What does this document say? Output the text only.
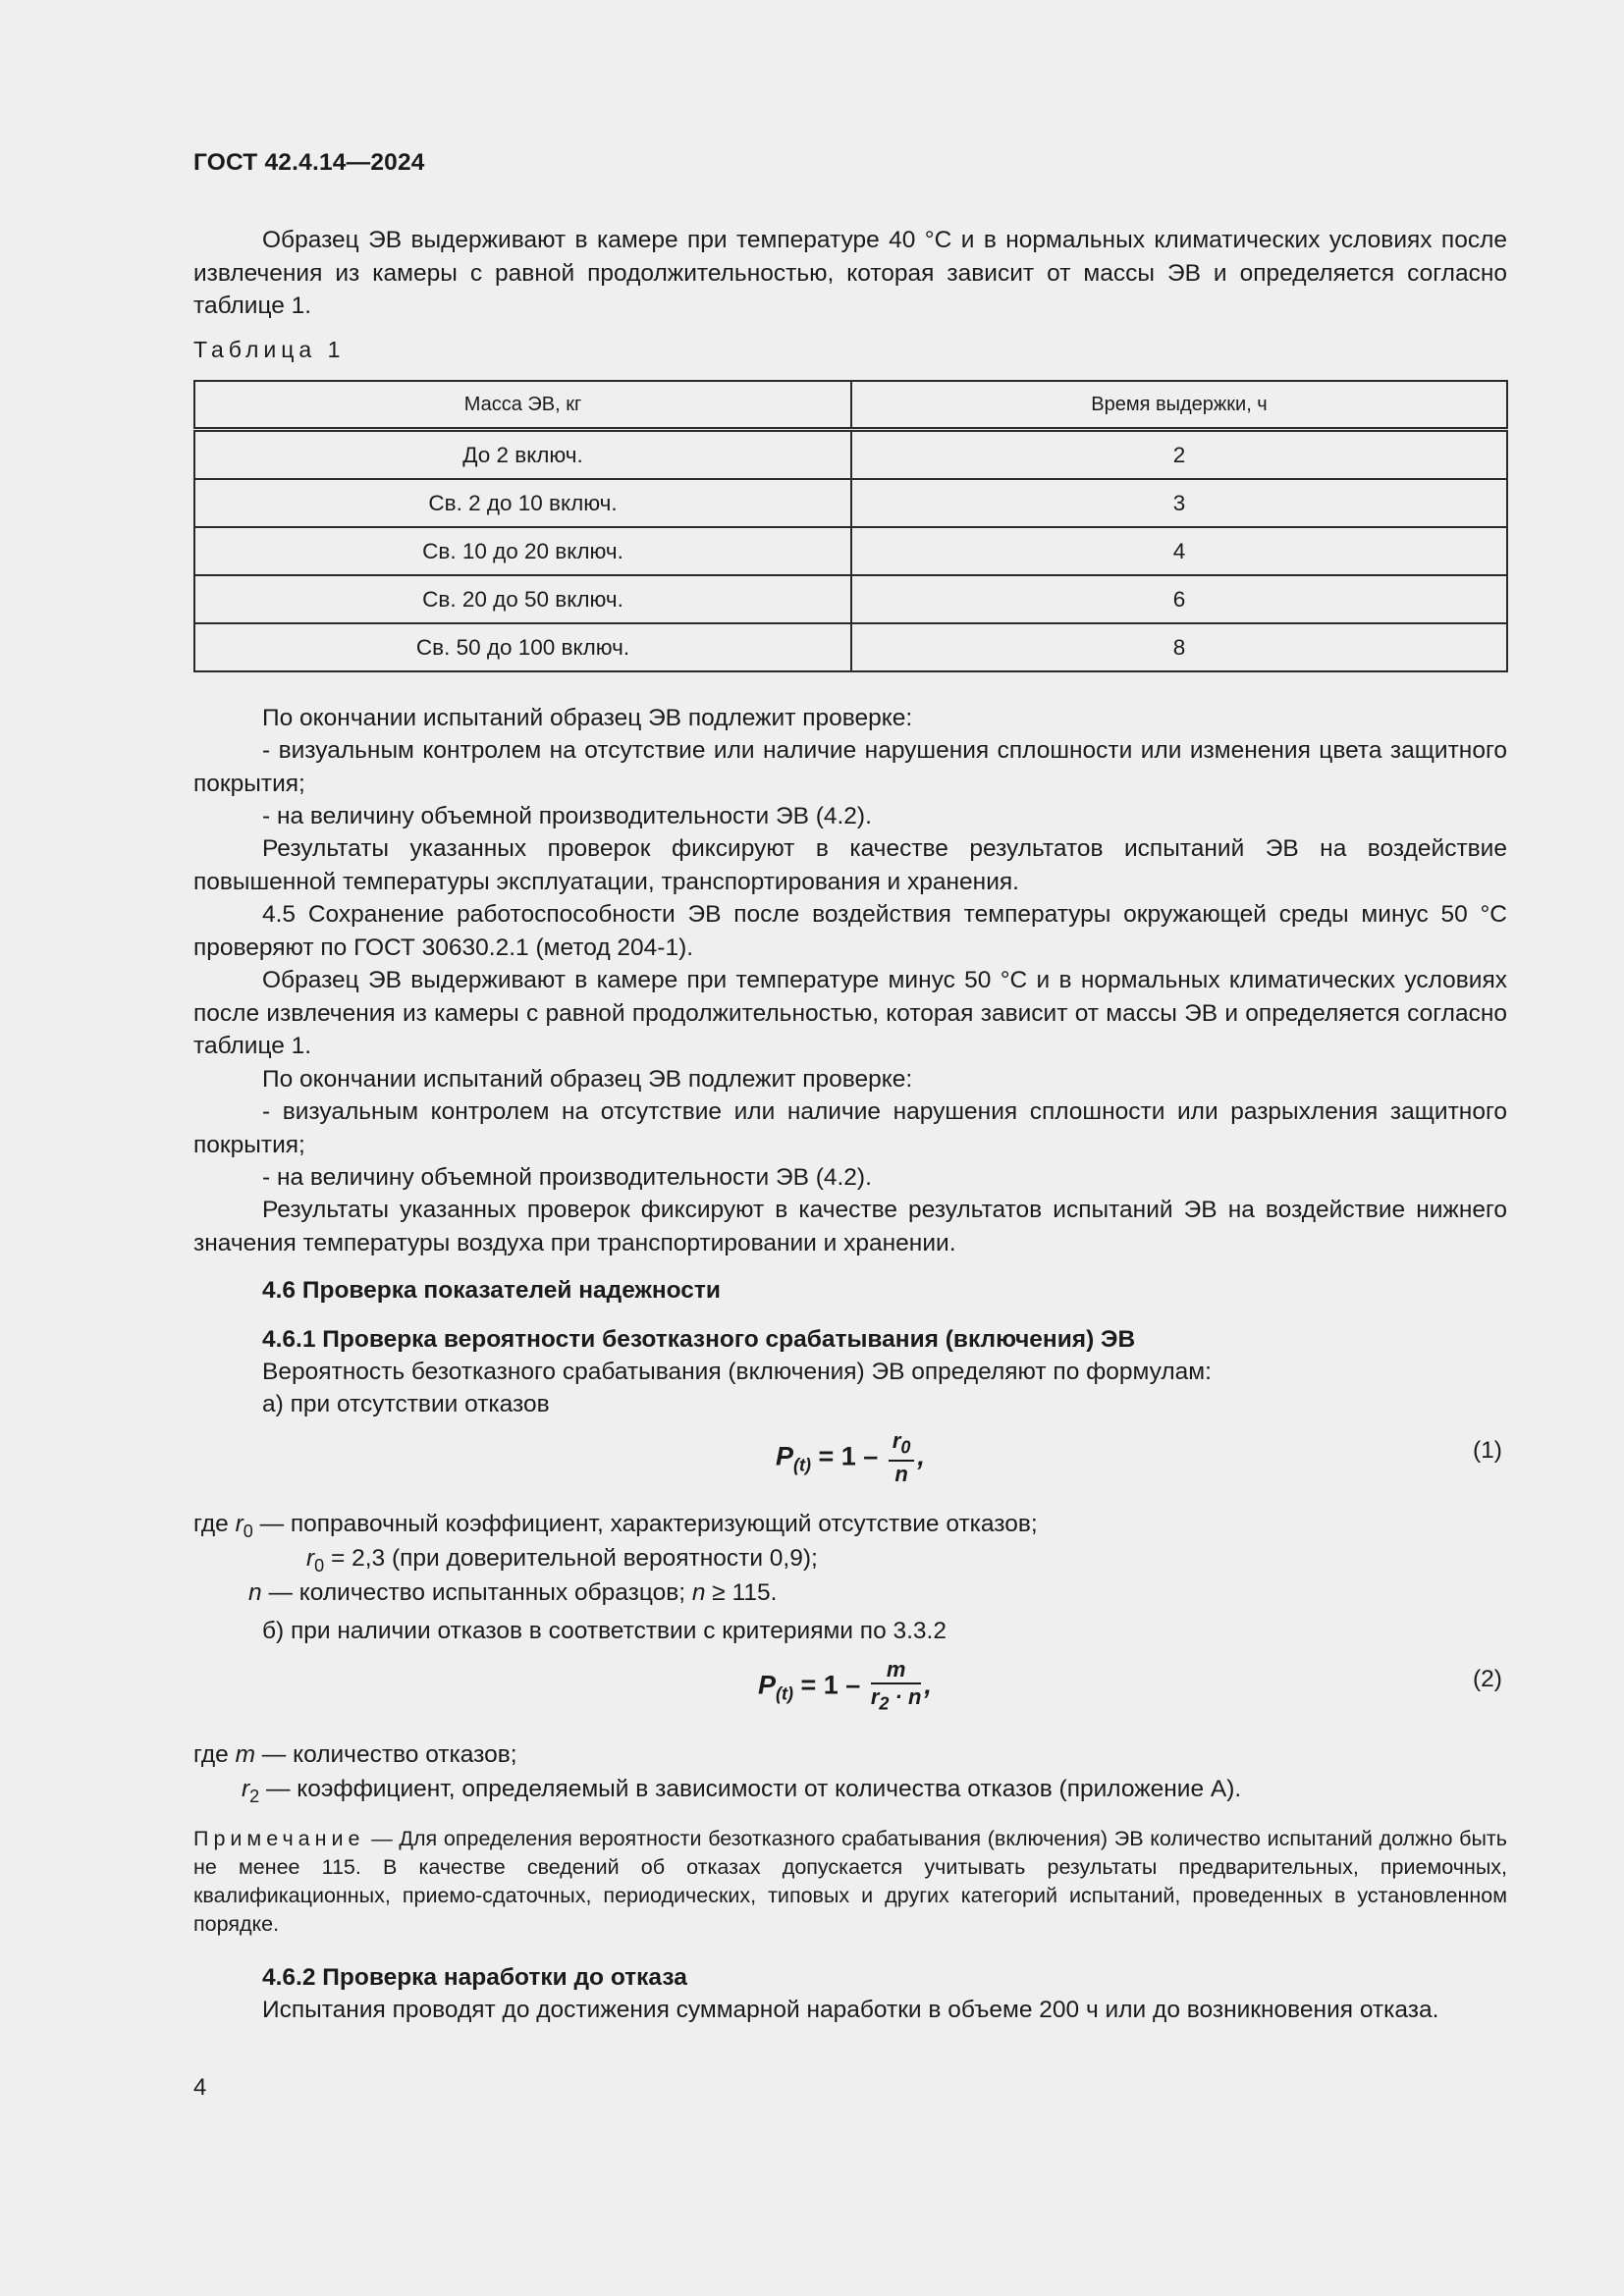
ГОСТ 42.4.14—2024
Образец ЭВ выдерживают в камере при температуре 40 °С и в нормальных климатических условиях после извлечения из камеры с равной продолжительностью, которая зависит от массы ЭВ и определяется согласно таблице 1.
Таблица 1
Масса ЭВ, кг	Время выдержки, ч
До 2 включ.	2
Св. 2 до 10 включ.	3
Св. 10 до 20 включ.	4
Св. 20 до 50 включ.	6
Св. 50 до 100 включ.	8
По окончании испытаний образец ЭВ подлежит проверке:
- визуальным контролем на отсутствие или наличие нарушения сплошности или изменения цвета защитного покрытия;
- на величину объемной производительности ЭВ (4.2).
Результаты указанных проверок фиксируют в качестве результатов испытаний ЭВ на воздействие повышенной температуры эксплуатации, транспортирования и хранения.
4.5 Сохранение работоспособности ЭВ после воздействия температуры окружающей среды минус 50 °С проверяют по ГОСТ 30630.2.1 (метод 204-1).
Образец ЭВ выдерживают в камере при температуре минус 50 °С и в нормальных климатических условиях после извлечения из камеры с равной продолжительностью, которая зависит от массы ЭВ и определяется согласно таблице 1.
По окончании испытаний образец ЭВ подлежит проверке:
- визуальным контролем на отсутствие или наличие нарушения сплошности или разрыхления защитного покрытия;
- на величину объемной производительности ЭВ (4.2).
Результаты указанных проверок фиксируют в качестве результатов испытаний ЭВ на воздействие нижнего значения температуры воздуха при транспортировании и хранении.
4.6 Проверка показателей надежности
4.6.1 Проверка вероятности безотказного срабатывания (включения) ЭВ
Вероятность безотказного срабатывания (включения) ЭВ определяют по формулам:
а) при отсутствии отказов
$P_{(t)} = 1 - \frac{r_0}{n}$ ,	(1)
где $r_0$ — поправочный коэффициент, характеризующий отсутствие отказов;
$r_0 = 2,3$ (при доверительной вероятности 0,9);
n — количество испытанных образцов; n ≥ 115.
б) при наличии отказов в соответствии с критериями по 3.3.2
$P_{(t)} = 1 - \frac{m}{r_2 \cdot n}$ ,	(2)
где m — количество отказов;
$r_2$ — коэффициент, определяемый в зависимости от количества отказов (приложение А).
Примечание — Для определения вероятности безотказного срабатывания (включения) ЭВ количество испытаний должно быть не менее 115. В качестве сведений об отказах допускается учитывать результаты предварительных, приемочных, квалификационных, приемо-сдаточных, периодических, типовых и других категорий испытаний, проведенных в установленном порядке.
4.6.2 Проверка наработки до отказа
Испытания проводят до достижения суммарной наработки в объеме 200 ч или до возникновения отказа.
4
